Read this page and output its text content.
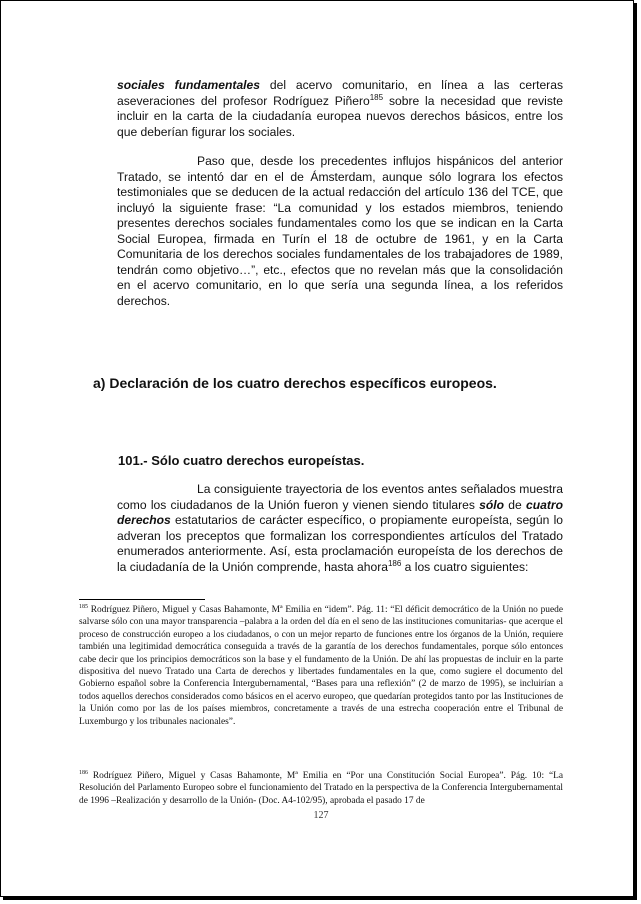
sociales fundamentales del acervo comunitario, en línea a las certeras aseveraciones del profesor Rodríguez Piñero$^{185}$ sobre la necesidad que reviste incluir en la carta de la ciudadanía europea nuevos derechos básicos, entre los que deberían figurar los sociales.

Paso que, desde los precedentes influjos hispánicos del anterior Tratado, se intentó dar en el de Ámsterdam, aunque sólo lograra los efectos testimoniales que se deducen de la actual redacción del artículo 136 del TCE, que incluyó la siguiente frase: “La comunidad y los estados miembros, teniendo presentes derechos sociales fundamentales como los que se indican en la Carta Social Europea, firmada en Turín el 18 de octubre de 1961, y en la Carta Comunitaria de los derechos sociales fundamentales de los trabajadores de 1989, tendrán como objetivo…”, etc., efectos que no revelan más que la consolidación en el acervo comunitario, en lo que sería una segunda línea, a los referidos derechos.

a) Declaración de los cuatro derechos específicos europeos.
101.- Sólo cuatro derechos europeístas.

La consiguiente trayectoria de los eventos antes señalados muestra como los ciudadanos de la Unión fueron y vienen siendo titulares sólo de cuatro derechos estatutarios de carácter específico, o propiamente europeísta, según lo adveran los preceptos que formalizan los correspondientes artículos del Tratado enumerados anteriormente. Así, esta proclamación europeísta de los derechos de la ciudadanía de la Unión comprende, hasta ahora$^{186}$ a los cuatro siguientes:

$^{185}$ Rodríguez Piñero, Miguel y Casas Bahamonte, Mª Emilia en “idem”. Pág. 11: “El déficit democrático de la Unión no puede salvarse sólo con una mayor transparencia –palabra a la orden del día en el seno de las instituciones comunitarias- que acerque el proceso de construcción europeo a los ciudadanos, o con un mejor reparto de funciones entre los órganos de la Unión, requiere también una legitimidad democrática conseguida a través de la garantía de los derechos fundamentales, porque sólo entonces cabe decir que los principios democráticos son la base y el fundamento de la Unión. De ahí las propuestas de incluir en la parte dispositiva del nuevo Tratado una Carta de derechos y libertades fundamentales en la que, como sugiere el documento del Gobierno español sobre la Conferencia Intergubernamental, “Bases para una reflexión” (2 de marzo de 1995), se incluirían a todos aquellos derechos considerados como básicos en el acervo europeo, que quedarían protegidos tanto por las Instituciones de la Unión como por las de los países miembros, concretamente a través de una estrecha cooperación entre el Tribunal de Luxemburgo y los tribunales nacionales”.

$^{186}$ Rodríguez Piñero, Miguel y Casas Bahamonte, Mª Emilia en “Por una Constitución Social Europea”. Pág. 10: “La Resolución del Parlamento Europeo sobre el funcionamiento del Tratado en la perspectiva de la Conferencia Intergubernamental de 1996 –Realización y desarrollo de la Unión- (Doc. A4-102/95), aprobada el pasado 17 de

127
